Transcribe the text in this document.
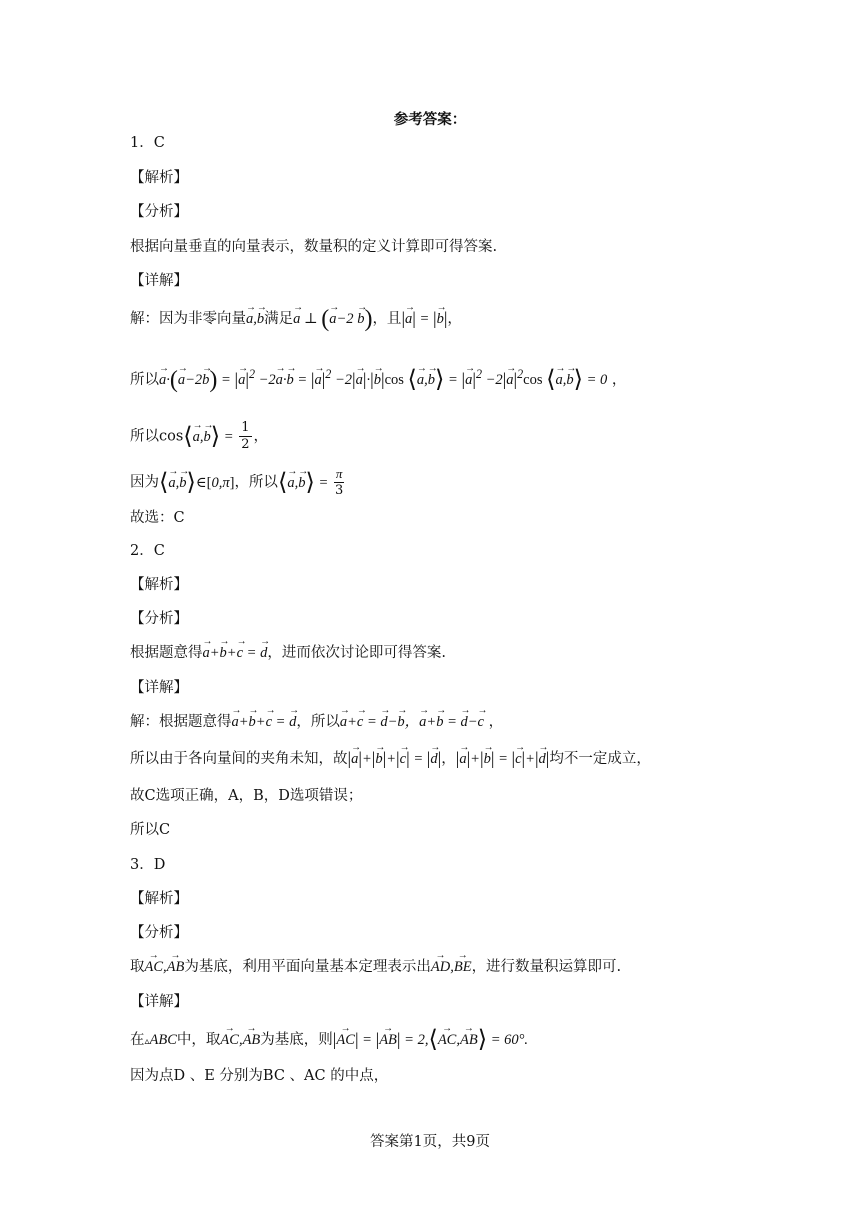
参考答案：
1．C
【解析】
【分析】
根据向量垂直的向量表示，数量积的定义计算即可得答案.
【详解】
解：因为非零向量→ a,→ b满足→ a ⊥ (→ a−2 → b)，且|→ a| = |→ b|，
所以→ a·(→ a−2→ b) = |→ $a|^2 -2\to a\cdot\to b$ = |→ $a|^2 -2|\to a|\cdot|\to b|\cos$ ⟨→ a,→ b⟩ = |→ $a|^2 -2|\to a|^2\cos$ ⟨→ a,→ b⟩ = 0 ，
所以cos⟨→ a,→ b⟩ = $\frac{1}{2}$ ，
因为⟨→ a,→ b⟩∈[0,π]，所以⟨→ a,→ b⟩ = $\frac{\pi}{3}$
故选：C
2．C
【解析】
【分析】
根据题意得→ a+→ b+→ c = → d，进而依次讨论即可得答案.
【详解】
解：根据题意得→ a+→ b+→ c = → d，所以→ a+→ c = → d−→ b，→ a+→ b = → d−→ c ，
所以由于各向量间的夹角未知，故|→ a|+|→ b|+|→ c| = |→ d|，|→ a|+|→ b| = |→ c|+|→ d|均不一定成立，
故C选项正确，A，B，D选项错误；
所以C
3．D
【解析】
【分析】
取→ AC,→ AB为基底，利用平面向量基本定理表示出→ AD,→ BE，进行数量积运算即可.
【详解】
在▵ABC中，取→ AC,→ AB为基底，则|→ AC| = |→ AB| = 2,⟨→ AC,→ AB⟩ = 60°.
因为点D 、E 分别为BC 、AC 的中点，
答案第1页，共9页
